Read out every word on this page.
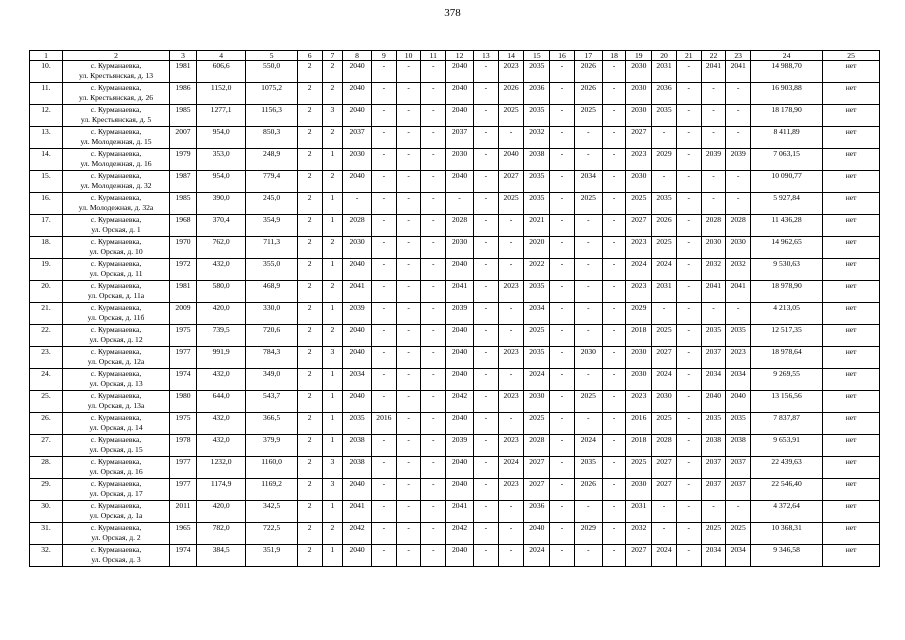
378
1	2	3	4	5	6	7	8	9	10	11	12	13	14	15	16	17	18	19	20	21	22	23	24	25
10.	с. Курманаевка,
ул. Крестьянская, д. 13	1981	606,6	550,0	2	2	2040	-	-	-	2040	-	2023	2035	-	2026	-	2030	2031	-	2041	2041	14 988,70	нет
11.	с. Курманаевка,
ул. Крестьянская, д. 26	1986	1152,0	1075,2	2	2	2040	-	-	-	2040	-	2026	2036	-	2026	-	2030	2036	-	-	-	16 903,88	нет
12.	с. Курманаевка,
ул. Крестьянская, д. 5	1985	1277,1	1156,3	2	3	2040	-	-	-	2040	-	2025	2035	-	2025	-	2030	2035	-	-	-	18 178,90	нет
13.	с. Курманаевка,
ул. Молодежная, д. 15	2007	954,0	850,3	2	2	2037	-	-	-	2037	-	-	2032	-	-	-	2027	-	-	-	-	8 411,89	нет
14.	с. Курманаевка,
ул. Молодежная, д. 16	1979	353,0	248,9	2	1	2030	-	-	-	2030	-	2040	2038	-	-	-	2023	2029	-	2039	2039	7 063,15	нет
15.	с. Курманаевка,
ул. Молодежная, д. 32	1987	954,0	779,4	2	2	2040	-	-	-	2040	-	2027	2035	-	2034	-	2030	-	-	-	-	10 090,77	нет
16.	с. Курманаевка,
ул. Молодежная, д. 32а	1985	390,0	245,0	2	1	-	-	-	-	-	-	2025	2035	-	2025	-	2025	2035	-	-	-	5 927,84	нет
17.	с. Курманаевка,
ул. Орская, д. 1	1968	370,4	354,9	2	1	2028	-	-	-	2028	-	-	2021	-	-	-	2027	2026	-	2028	2028	11 436,28	нет
18.	с. Курманаевка,
ул. Орская, д. 10	1970	762,0	711,3	2	2	2030	-	-	-	2030	-	-	2020	-	-	-	2023	2025	-	2030	2030	14 962,65	нет
19.	с. Курманаевка,
ул. Орская, д. 11	1972	432,0	355,0	2	1	2040	-	-	-	2040	-	-	2022	-	-	-	2024	2024	-	2032	2032	9 530,63	нет
20.	с. Курманаевка,
ул. Орская, д. 11а	1981	580,0	468,9	2	2	2041	-	-	-	2041	-	2023	2035	-	-	-	2023	2031	-	2041	2041	18 978,90	нет
21.	с. Курманаевка,
ул. Орская, д. 11б	2009	420,0	330,0	2	1	2039	-	-	-	2039	-	-	2034	-	-	-	2029	-	-	-	-	4 213,05	нет
22.	с. Курманаевка,
ул. Орская, д. 12	1975	739,5	720,6	2	2	2040	-	-	-	2040	-	-	2025	-	-	-	2018	2025	-	2035	2035	12 517,35	нет
23.	с. Курманаевка,
ул. Орская, д. 12а	1977	991,9	784,3	2	3	2040	-	-	-	2040	-	2023	2035	-	2030	-	2030	2027	-	2037	2023	18 978,64	нет
24.	с. Курманаевка,
ул. Орская, д. 13	1974	432,0	349,0	2	1	2034	-	-	-	2040	-	-	2024	-	-	-	2030	2024	-	2034	2034	9 269,55	нет
25.	с. Курманаевка,
ул. Орская, д. 13а	1980	644,0	543,7	2	1	2040	-	-	-	2042	-	2023	2030	-	2025	-	2023	2030	-	2040	2040	13 156,56	нет
26.	с. Курманаевка,
ул. Орская, д. 14	1975	432,0	366,5	2	1	2035	2016	-	-	2040	-	-	2025	-	-	-	2016	2025	-	2035	2035	7 837,87	нет
27.	с. Курманаевка,
ул. Орская, д. 15	1978	432,0	379,9	2	1	2038	-	-	-	2039	-	2023	2028	-	2024	-	2018	2028	-	2038	2038	9 653,91	нет
28.	с. Курманаевка,
ул. Орская, д. 16	1977	1232,0	1160,0	2	3	2038	-	-	-	2040	-	2024	2027	-	2035	-	2025	2027	-	2037	2037	22 439,63	нет
29.	с. Курманаевка,
ул. Орская, д. 17	1977	1174,9	1169,2	2	3	2040	-	-	-	2040	-	2023	2027	-	2026	-	2030	2027	-	2037	2037	22 546,40	нет
30.	с. Курманаевка,
ул. Орская, д. 1а	2011	420,0	342,5	2	1	2041	-	-	-	2041	-	-	2036	-	-	-	2031	-	-	-	-	4 372,64	нет
31.	с. Курманаевка,
ул. Орская, д. 2	1965	782,0	722,5	2	2	2042	-	-	-	2042	-	-	2040	-	2029	-	2032	-	-	2025	2025	10 368,31	нет
32.	с. Курманаевка,
ул. Орская, д. 3	1974	384,5	351,9	2	1	2040	-	-	-	2040	-	-	2024	-	-	-	2027	2024	-	2034	2034	9 346,58	нет
